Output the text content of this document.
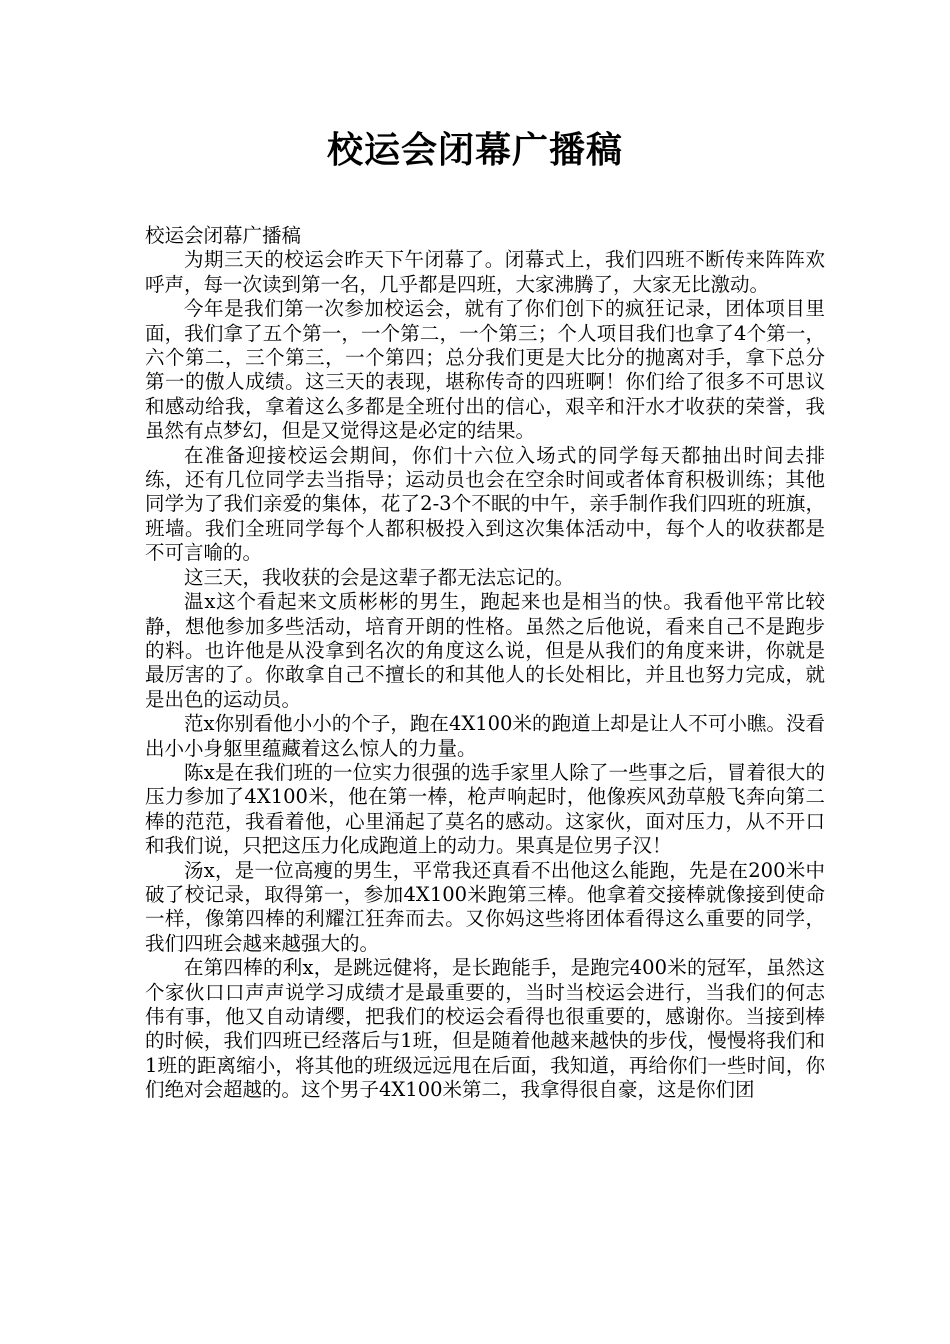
校运会闭幕广播稿

校运会闭幕广播稿

为期三天的校运会昨天下午闭幕了。闭幕式上，我们四班不断传来阵阵欢呼声，每一次读到第一名，几乎都是四班，大家沸腾了，大家无比激动。

今年是我们第一次参加校运会，就有了你们创下的疯狂记录，团体项目里面，我们拿了五个第一，一个第二，一个第三；个人项目我们也拿了4个第一，六个第二，三个第三，一个第四；总分我们更是大比分的抛离对手，拿下总分第一的傲人成绩。这三天的表现，堪称传奇的四班啊！你们给了很多不可思议和感动给我，拿着这么多都是全班付出的信心，艰辛和汗水才收获的荣誉，我虽然有点梦幻，但是又觉得这是必定的结果。

在准备迎接校运会期间，你们十六位入场式的同学每天都抽出时间去排练，还有几位同学去当指导；运动员也会在空余时间或者体育积极训练；其他同学为了我们亲爱的集体，花了2-3个不眠的中午，亲手制作我们四班的班旗，班墙。我们全班同学每个人都积极投入到这次集体活动中，每个人的收获都是不可言喻的。

这三天，我收获的会是这辈子都无法忘记的。

温x这个看起来文质彬彬的男生，跑起来也是相当的快。我看他平常比较静，想他参加多些活动，培育开朗的性格。虽然之后他说，看来自己不是跑步的料。也许他是从没拿到名次的角度这么说，但是从我们的角度来讲，你就是最厉害的了。你敢拿自己不擅长的和其他人的长处相比，并且也努力完成，就是出色的运动员。

范x你别看他小小的个子，跑在4X100米的跑道上却是让人不可小瞧。没看出小小身躯里蕴藏着这么惊人的力量。

陈x是在我们班的一位实力很强的选手家里人除了一些事之后，冒着很大的压力参加了4X100米，他在第一棒，枪声响起时，他像疾风劲草般飞奔向第二棒的范范，我看着他，心里涌起了莫名的感动。这家伙，面对压力，从不开口和我们说，只把这压力化成跑道上的动力。果真是位男子汉！

汤x，是一位高瘦的男生，平常我还真看不出他这么能跑，先是在200米中破了校记录，取得第一，参加4X100米跑第三棒。他拿着交接棒就像接到使命一样，像第四棒的利耀江狂奔而去。又你妈这些将团体看得这么重要的同学，我们四班会越来越强大的。

在第四棒的利x，是跳远健将，是长跑能手，是跑完400米的冠军，虽然这个家伙口口声声说学习成绩才是最重要的，当时当校运会进行，当我们的何志伟有事，他又自动请缨，把我们的校运会看得也很重要的，感谢你。当接到棒的时候，我们四班已经落后与1班，但是随着他越来越快的步伐，慢慢将我们和1班的距离缩小，将其他的班级远远甩在后面，我知道，再给你们一些时间，你们绝对会超越的。这个男子4X100米第二，我拿得很自豪，这是你们团
